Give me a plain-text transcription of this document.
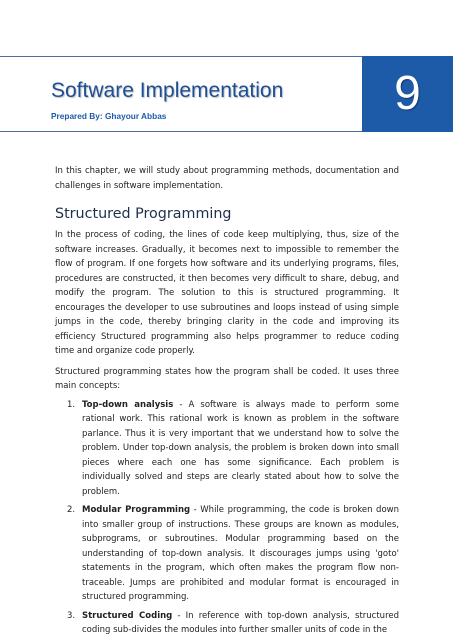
Software Implementation
Prepared By: Ghayour Abbas	9

In this chapter, we will study about programming methods, documentation and challenges in software implementation.

Structured Programming

In the process of coding, the lines of code keep multiplying, thus, size of the software increases. Gradually, it becomes next to impossible to remember the flow of program. If one forgets how software and its underlying programs, files, procedures are constructed, it then becomes very difficult to share, debug, and modify the program. The solution to this is structured programming. It encourages the developer to use subroutines and loops instead of using simple jumps in the code, thereby bringing clarity in the code and improving its efficiency Structured programming also helps programmer to reduce coding time and organize code properly.

Structured programming states how the program shall be coded. It uses three main concepts:

1. Top-down analysis - A software is always made to perform some rational work. This rational work is known as problem in the software parlance. Thus it is very important that we understand how to solve the problem. Under top-down analysis, the problem is broken down into small pieces where each one has some significance. Each problem is individually solved and steps are clearly stated about how to solve the problem.
2. Modular Programming - While programming, the code is broken down into smaller group of instructions. These groups are known as modules, subprograms, or subroutines. Modular programming based on the understanding of top-down analysis. It discourages jumps using 'goto' statements in the program, which often makes the program flow non-traceable. Jumps are prohibited and modular format is encouraged in structured programming.
3. Structured Coding - In reference with top-down analysis, structured coding sub-divides the modules into further smaller units of code in the
